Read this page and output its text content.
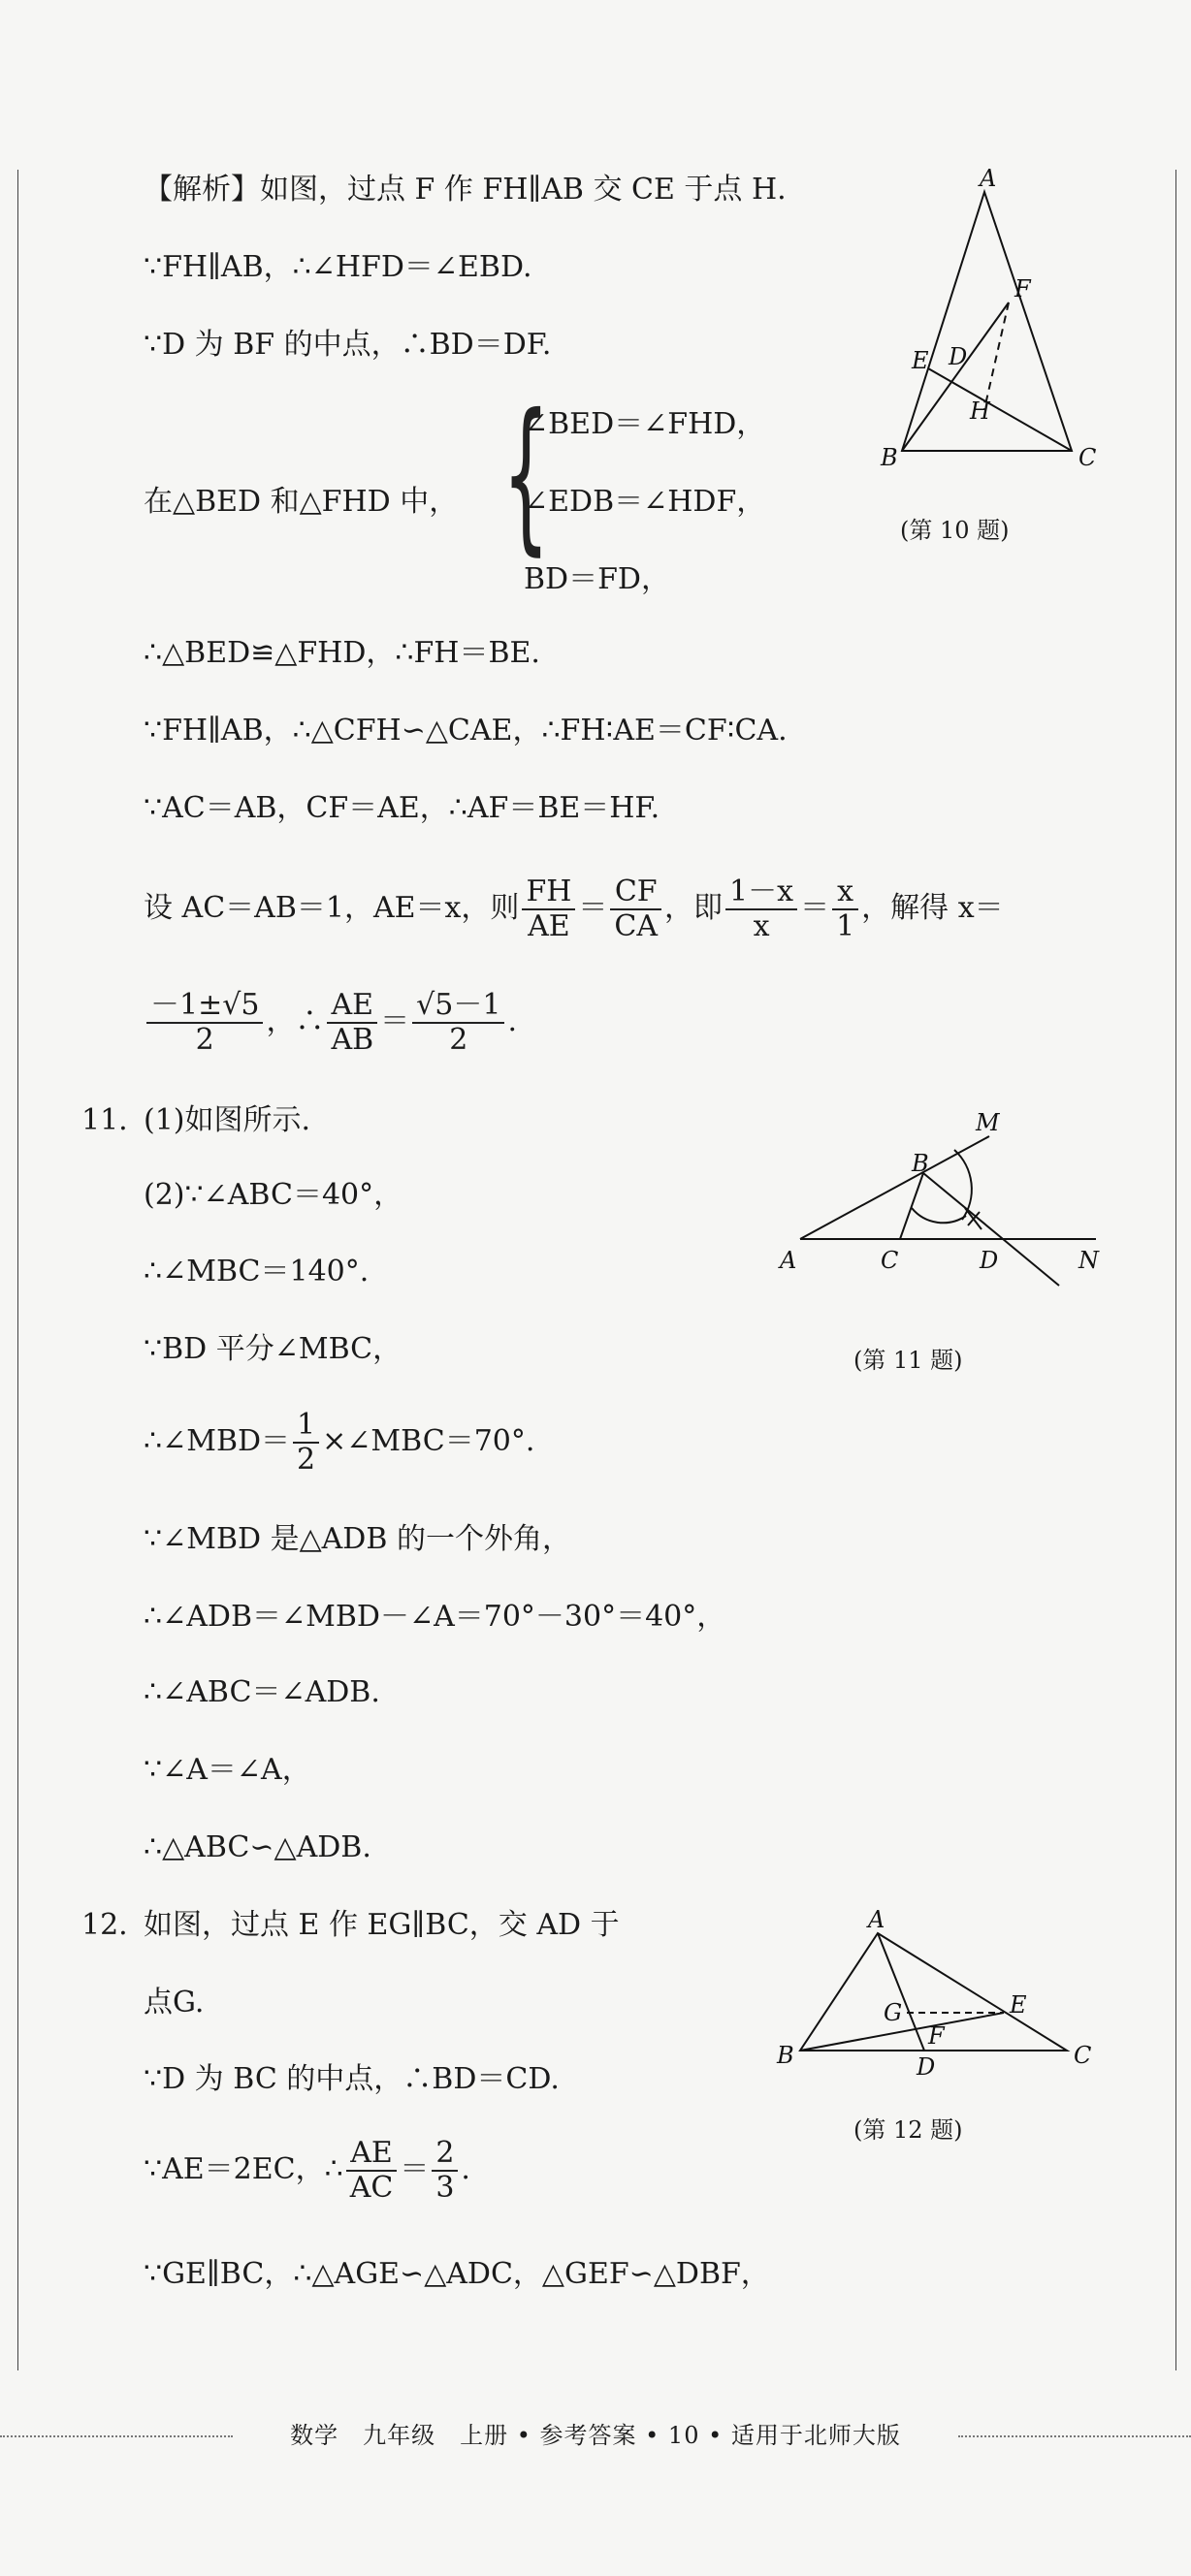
【解析】如图，过点 F 作 FH∥AB 交 CE 于点 H.
∵FH∥AB，∴∠HFD＝∠EBD.
∵D 为 BF 的中点，∴BD＝DF.
在△BED 和△FHD 中， {
∠BED＝∠FHD，
∠EDB＝∠HDF，
BD＝FD，
∴△BED≌△FHD，∴FH＝BE.
∵FH∥AB，∴△CFH∽△CAE，∴FH∶AE＝CF∶CA.
∵AC＝AB，CF＝AE，∴AF＝BE＝HF.
设 AC＝AB＝1，AE＝x，则 $\frac{FH}{AE} = \frac{CF}{CA}$ ，即 $\frac{1-x}{x} = \frac{x}{1}$ ，解得 x＝
$\frac{-1\pm√5}{2}$ ，∴ $\frac{AE}{AB} = \frac{√5-1}{2}$ .
A
B	C
D
E
F
H
(第 10 题)
11. (1)如图所示.
(2)∵∠ABC＝40°，
∴∠MBC＝140°.
∵BD 平分∠MBC，
∴∠MBD＝ $\frac{1}{2}$ ×∠MBC＝70°.
∵∠MBD 是△ADB 的一个外角，
∴∠ADB＝∠MBD－∠A＝70°－30°＝40°，
∴∠ABC＝∠ADB.
∵∠A＝∠A，
∴△ABC∽△ADB.
A
B
C	D
M
N
(第 11 题)
12. 如图，过点 E 作 EG∥BC，交 AD 于
点G.
∵D 为 BC 的中点，∴BD＝CD.
∵AE＝2EC，∴ $\frac{AE}{AC} = \frac{2}{3}$ .
∵GE∥BC，∴△AGE∽△ADC，△GEF∽△DBF，
A
B	C
D
E
F
G
(第 12 题)
数学　九年级　上册 • 参考答案 • 10 • 适用于北师大版
